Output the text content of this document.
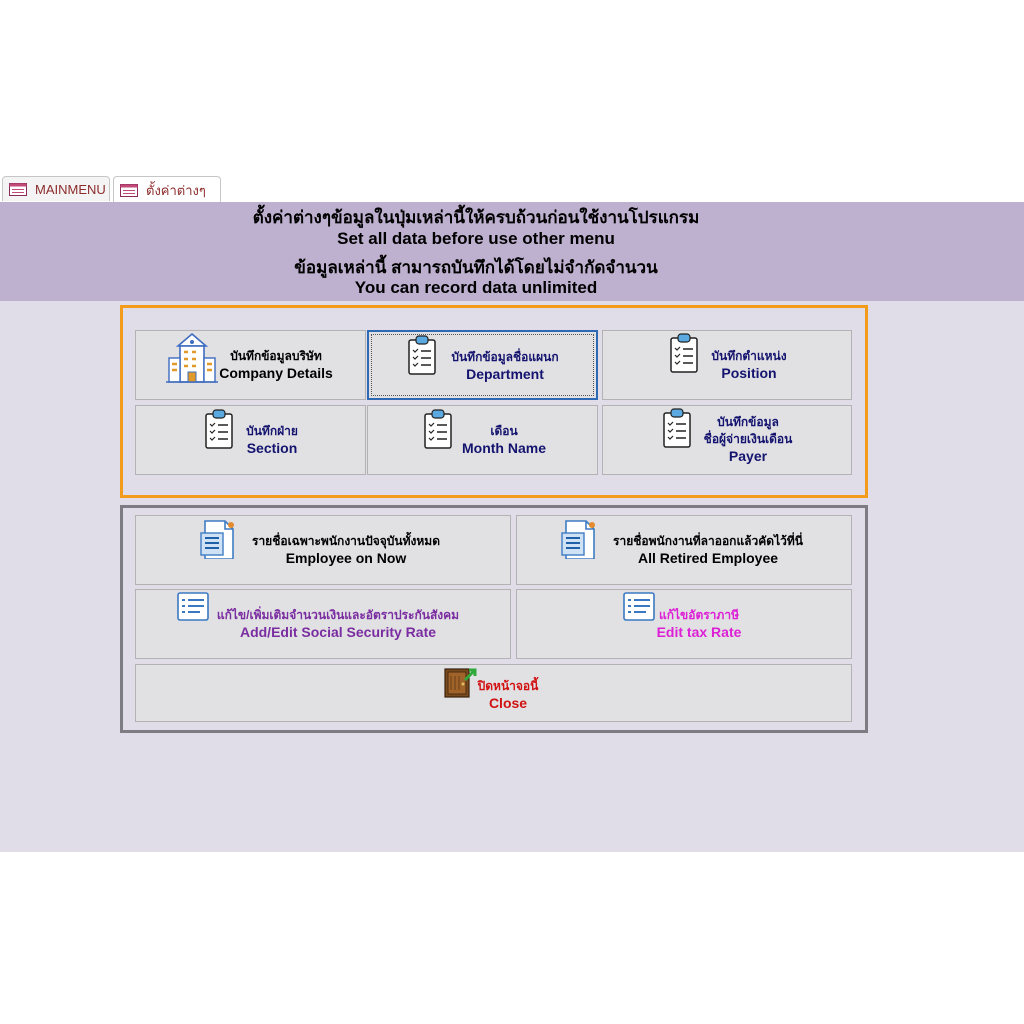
MAINMENU	ตั้งค่าต่างๆ
ตั้งค่าต่างๆข้อมูลในปุ่มเหล่านี้ให้ครบถ้วนก่อนใช้งานโปรแกรม
Set all data before use other menu
ข้อมูลเหล่านี้ สามารถบันทึกได้โดยไม่จำกัดจำนวน
You can record data unlimited
บันทึกข้อมูลบริษัท
Company Details
บันทึกข้อมูลชื่อแผนก
Department
บันทึกตำแหน่ง
Position
บันทึกฝ่าย
Section
เดือน
Month Name
บันทึกข้อมูล
ชื่อผู้จ่ายเงินเดือน
Payer
รายชื่อเฉพาะพนักงานปัจจุบันทั้งหมด
Employee on Now
รายชื่อพนักงานที่ลาออกแล้วคัดไว้ที่นี่
All Retired Employee
แก้ไข/เพิ่มเติมจำนวนเงินและอัตราประกันสังคม
Add/Edit Social Security Rate
แก้ไขอัตราภาษี
Edit tax Rate
ปิดหน้าจอนี้
Close
